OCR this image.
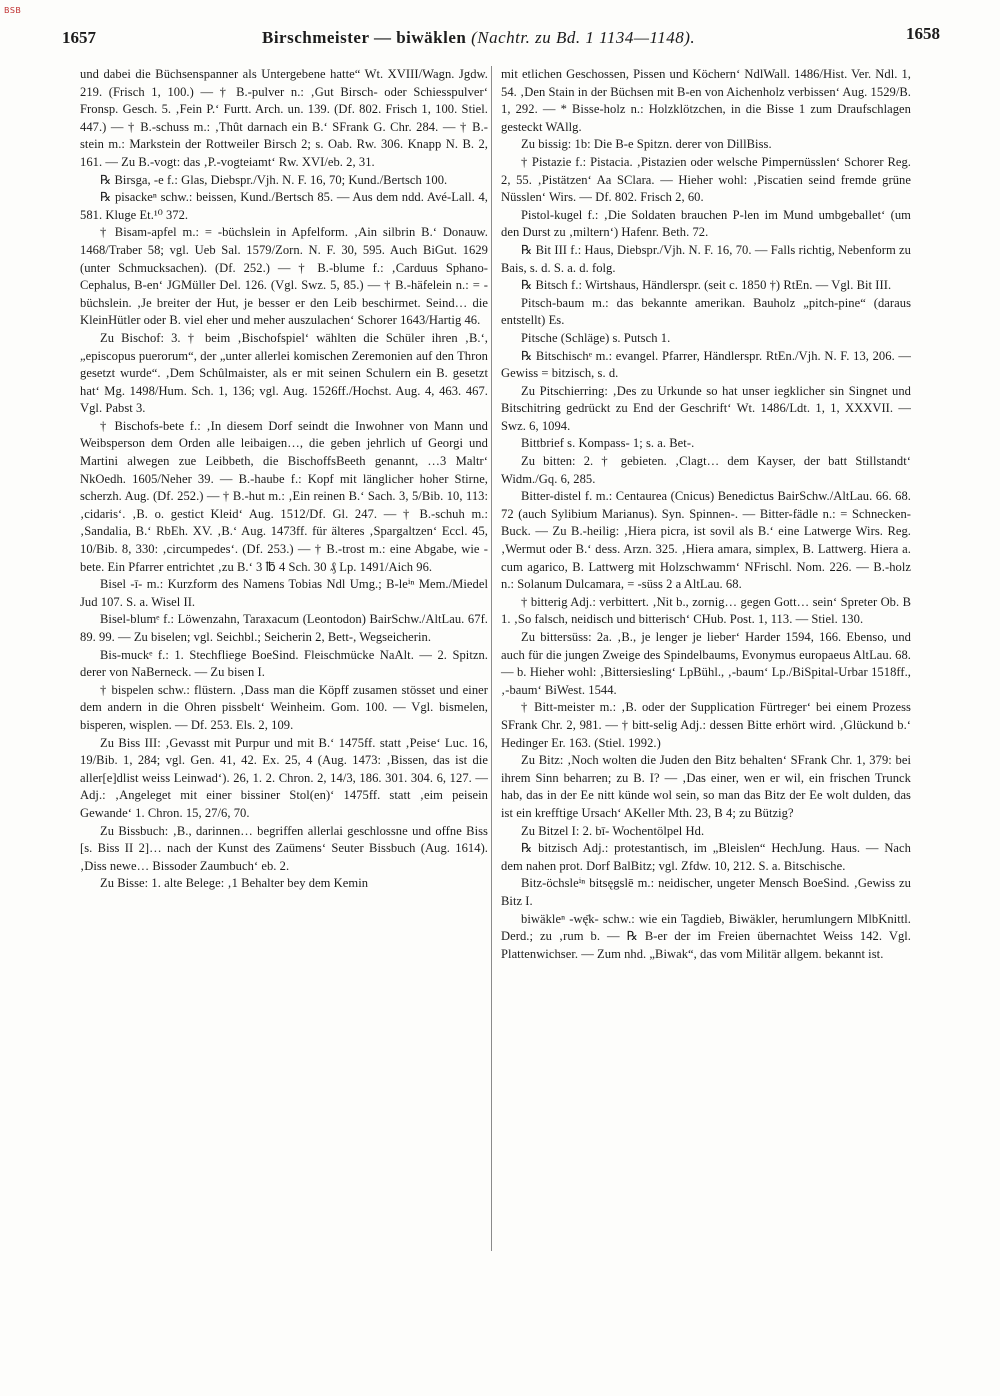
BSB
1657	Birschmeister — biwäklen (Nachtr. zu Bd. 1 1134—1148).	1658

und dabei die Büchsenspanner als Untergebene hatte“ Wt. XVIII/Wagn. Jgdw. 219. (Frisch 1, 100.) — † B.-pulver n.: ‚Gut Birsch- oder Schiesspulver‘ Fronsp. Gesch. 5. ‚Fein P.‘ Furtt. Arch. un. 139. (Df. 802. Frisch 1, 100. Stiel. 447.) — † B.-schuss m.: ‚Thût darnach ein B.‘ SFrank G. Chr. 284. — † B.-stein m.: Markstein der Rottweiler Birsch 2; s. Oab. Rw. 306. Knapp N. B. 2, 161. — Zu B.-vogt: das ‚P.-vogteiamt‘ Rw. XVI/eb. 2, 31.

℞ Birsga, -e f.: Glas, Diebspr./Vjh. N. F. 16, 70; Kund./Bertsch 100.

℞ pisackeⁿ schw.: beissen, Kund./Bertsch 85. — Aus dem ndd. Avé-Lall. 4, 581. Kluge Et.¹⁰ 372.

† Bisam-apfel m.: = -büchslein in Apfelform. ‚Ain silbrin B.‘ Donauw. 1468/Traber 58; vgl. Ueb Sal. 1579/Zorn. N. F. 30, 595. Auch BiGut. 1629 (unter Schmucksachen). (Df. 252.) — † B.-blume f.: ‚Carduus Sphano-Cephalus, B-en‘ JGMüller Del. 126. (Vgl. Swz. 5, 85.) — † B.-häfelein n.: = -büchslein. ‚Je breiter der Hut, je besser er den Leib beschirmet. Seind… die KleinHütler oder B. viel eher und meher auszulachen‘ Schorer 1643/Hartig 46.

Zu Bischof: 3. † beim ‚Bischofspiel‘ wählten die Schüler ihren ‚B.‘, „episcopus puerorum“, der „unter allerlei komischen Zeremonien auf den Thron gesetzt wurde“. ‚Dem Schûlmaister, als er mit seinen Schulern ein B. gesetzt hat‘ Mg. 1498/Hum. Sch. 1, 136; vgl. Aug. 1526ff./Hochst. Aug. 4, 463. 467. Vgl. Pabst 3.

† Bischofs-bete f.: ‚In diesem Dorf seindt die Inwohner von Mann und Weibsperson dem Orden alle leibaigen…, die geben jehrlich uf Georgi und Martini alwegen zue Leibbeth, die BischoffsBeeth genannt, …3 Maltr‘ NkOedh. 1605/Neher 39. — B.-haube f.: Kopf mit länglicher hoher Stirne, scherzh. Aug. (Df. 252.) — † B.-hut m.: ‚Ein reinen B.‘ Sach. 3, 5/Bib. 10, 113: ‚cidaris‘. ‚B. o. gestict Kleid‘ Aug. 1512/Df. Gl. 247. — † B.-schuh m.: ‚Sandalia, B.‘ RbEh. XV. ‚B.‘ Aug. 1473ff. für älteres ‚Spargaltzen‘ Eccl. 45, 10/Bib. 8, 330: ‚circumpedes‘. (Df. 253.) — † B.-trost m.: eine Abgabe, wie -bete. Ein Pfarrer entrichtet ‚zu B.‘ 3 ℔ 4 Sch. 30 ₰ Lp. 1491/Aich 96.

Bisel -ī- m.: Kurzform des Namens Tobias Ndl Umg.; B-leⁱⁿ Mem./Miedel Jud 107. S. a. Wisel II.

Bisel-blumᵉ f.: Löwenzahn, Taraxacum (Leontodon) BairSchw./AltLau. 67f. 89. 99. — Zu biselen; vgl. Seichbl.; Seicherin 2, Bett-, Wegseicherin.

Bis-muckᵉ f.: 1. Stechfliege BoeSind. Fleischmücke NaAlt. — 2. Spitzn. derer von NaBerneck. — Zu bisen I.

† bispelen schw.: flüstern. ‚Dass man die Köpff zusamen stösset und einer dem andern in die Ohren pissbelt‘ Weinheim. Gom. 100. — Vgl. bismelen, bisperen, wisplen. — Df. 253. Els. 2, 109.

Zu Biss III: ‚Gevasst mit Purpur und mit B.‘ 1475ff. statt ‚Peise‘ Luc. 16, 19/Bib. 1, 284; vgl. Gen. 41, 42. Ex. 25, 4 (Aug. 1473: ‚Bissen, das ist die aller[e]dlist weiss Leinwad‘). 26, 1. 2. Chron. 2, 14/3, 186. 301. 304. 6, 127. — Adj.: ‚Angeleget mit einer bissiner Stol(en)‘ 1475ff. statt ‚eim peisein Gewande‘ 1. Chron. 15, 27/6, 70.

Zu Bissbuch: ‚B., darinnen… begriffen allerlai geschlossne und offne Biss [s. Biss II 2]… nach der Kunst des Zaümens‘ Seuter Bissbuch (Aug. 1614). ‚Diss newe… Bissoder Zaumbuch‘ eb. 2.

Zu Bisse: 1. alte Belege: ‚1 Behalter bey dem Kemin

mit etlichen Geschossen, Pissen und Köchern‘ NdlWall. 1486/Hist. Ver. Ndl. 1, 54. ‚Den Stain in der Büchsen mit B-en von Aichenholz verbissen‘ Aug. 1529/B. 1, 292. — * Bisse-holz n.: Holzklötzchen, in die Bisse 1 zum Draufschlagen gesteckt WAllg.

Zu bissig: 1b: Die B-e Spitzn. derer von DillBiss.

† Pistazie f.: Pistacia. ‚Pistazien oder welsche Pimpernüsslen‘ Schorer Reg. 2, 55. ‚Pistätzen‘ Aa SClara. — Hieher wohl: ‚Piscatien seind fremde grüne Nüsslen‘ Wirs. — Df. 802. Frisch 2, 60.

Pistol-kugel f.: ‚Die Soldaten brauchen P-len im Mund umbgeballet‘ (um den Durst zu ‚miltern‘) Hafenr. Beth. 72.

℞ Bit III f.: Haus, Diebspr./Vjh. N. F. 16, 70. — Falls richtig, Nebenform zu Bais, s. d. S. a. d. folg.

℞ Bitsch f.: Wirtshaus, Händlerspr. (seit c. 1850 †) RtEn. — Vgl. Bit III.

Pitsch-baum m.: das bekannte amerikan. Bauholz „pitch-pine“ (daraus entstellt) Es.

Pitsche (Schläge) s. Putsch 1.

℞ Bitschischᵉ m.: evangel. Pfarrer, Händlerspr. RtEn./Vjh. N. F. 13, 206. — Gewiss = bitzisch, s. d.

Zu Pitschierring: ‚Des zu Urkunde so hat unser iegklicher sin Singnet und Bitschitring gedrückt zu End der Geschrift‘ Wt. 1486/Ldt. 1, 1, XXXVII. — Swz. 6, 1094.

Bittbrief s. Kompass- 1; s. a. Bet-.

Zu bitten: 2. † gebieten. ‚Clagt… dem Kayser, der batt Stillstandt‘ Widm./Gq. 6, 285.

Bitter-distel f. m.: Centaurea (Cnicus) Benedictus BairSchw./AltLau. 66. 68. 72 (auch Sylibium Marianus). Syn. Spinnen-. — Bitter-fädle n.: = Schnecken- Buck. — Zu B.-heilig: ‚Hiera picra, ist sovil als B.‘ eine Latwerge Wirs. Reg. ‚Wermut oder B.‘ dess. Arzn. 325. ‚Hiera amara, simplex, B. Lattwerg. Hiera a. cum agarico, B. Lattwerg mit Holzschwamm‘ NFrischl. Nom. 226. — B.-holz n.: Solanum Dulcamara, = -süss 2 a AltLau. 68.

† bitterig Adj.: verbittert. ‚Nit b., zornig… gegen Gott… sein‘ Spreter Ob. B 1. ‚So falsch, neidisch und bitterisch‘ CHub. Post. 1, 113. — Stiel. 130.

Zu bittersüss: 2a. ‚B., je lenger je lieber‘ Harder 1594, 166. Ebenso, und auch für die jungen Zweige des Spindelbaums, Evonymus europaeus AltLau. 68. — b. Hieher wohl: ‚Bittersiesling‘ LpBühl., ‚-baum‘ Lp./BiSpital-Urbar 1518ff., ‚-baum‘ BiWest. 1544.

† Bitt-meister m.: ‚B. oder der Supplication Fürtreger‘ bei einem Prozess SFrank Chr. 2, 981. — † bitt-selig Adj.: dessen Bitte erhört wird. ‚Glückund b.‘ Hedinger Er. 163. (Stiel. 1992.)

Zu Bitz: ‚Noch wolten die Juden den Bitz behalten‘ SFrank Chr. 1, 379: bei ihrem Sinn beharren; zu B. I? — ‚Das einer, wen er wil, ein frischen Trunck hab, das in der Ee nitt künde wol sein, so man das Bitz der Ee wolt dulden, das ist ein krefftige Ursach‘ AKeller Mth. 23, B 4; zu Bützig?

Zu Bitzel I: 2. bī- Wochentölpel Hd.

℞ bitzisch Adj.: protestantisch, im „Bleislen“ HechJung. Haus. — Nach dem nahen prot. Dorf BalBitz; vgl. Zfdw. 10, 212. S. a. Bitschische.

Bitz-öchsleⁱⁿ bitsęgslē m.: neidischer, ungeter Mensch BoeSind. ‚Gewiss zu Bitz I.

biwäkleⁿ ‑wę̄k‑ schw.: wie ein Tagdieb, Biwäkler, herumlungern MlbKnittl. Derd.; zu ‚rum b. — ℞ B-er der im Freien übernachtet Weiss 142. Vgl. Plattenwichser. — Zum nhd. „Biwak“, das vom Militär allgem. bekannt ist.
